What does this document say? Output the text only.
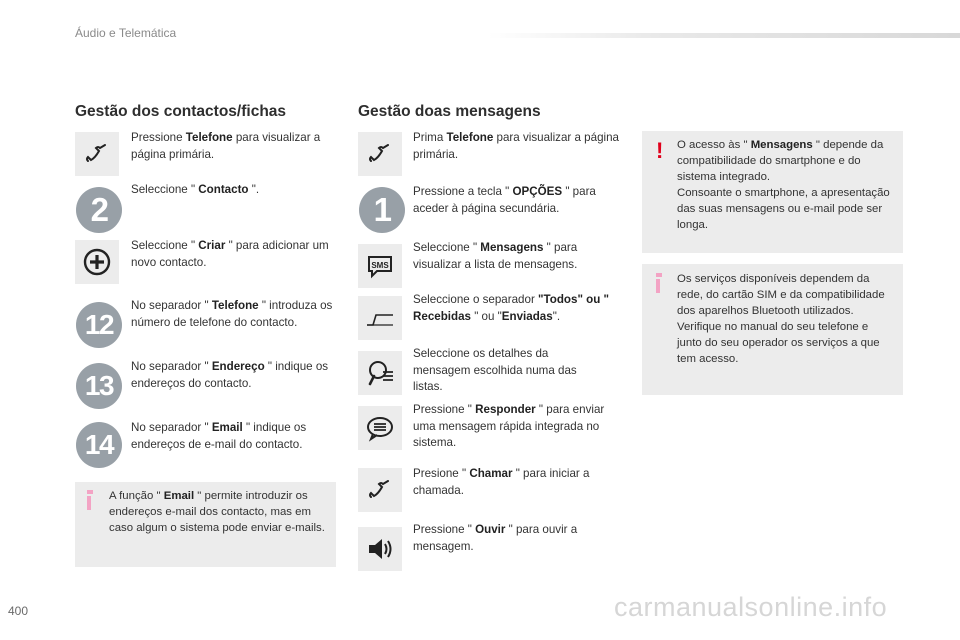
Áudio e Telemática
Gestão dos contactos/fichas
Pressione Telefone para visualizar a página primária.
2
Seleccione " Contacto ".
Seleccione " Criar " para adicionar um novo contacto.
12
No separador " Telefone " introduza os número de telefone do contacto.
13
No separador " Endereço " indique os endereços do contacto.
14
No separador " Email " indique os endereços de e-mail do contacto.
A função " Email " permite introduzir os endereços e-mail dos contacto, mas em caso algum o sistema pode enviar e-mails.
Gestão doas mensagens
Prima Telefone para visualizar a página primária.
1	Pressione a tecla " OPÇÕES " para aceder à página secundária.
SMS
Seleccione " Mensagens " para visualizar a lista de mensagens.
Seleccione o separador "Todos" ou " Recebidas " ou "Enviadas".
Seleccione os detalhes da mensagem escolhida numa das listas.
Pressione " Responder " para enviar uma mensagem rápida integrada no sistema.
Presione " Chamar " para iniciar a chamada.
Pressione " Ouvir " para ouvir a mensagem.
! O acesso às " Mensagens " depende da compatibilidade do smartphone e do sistema integrado.
Consoante o smartphone, a apresentação das suas mensagens ou e-mail pode ser longa.
Os serviços disponíveis dependem da rede, do cartão SIM e da compatibilidade dos aparelhos Bluetooth utilizados.
Verifique no manual do seu telefone e junto do seu operador os serviços a que tem acesso.
400	carmanualsonline.info
